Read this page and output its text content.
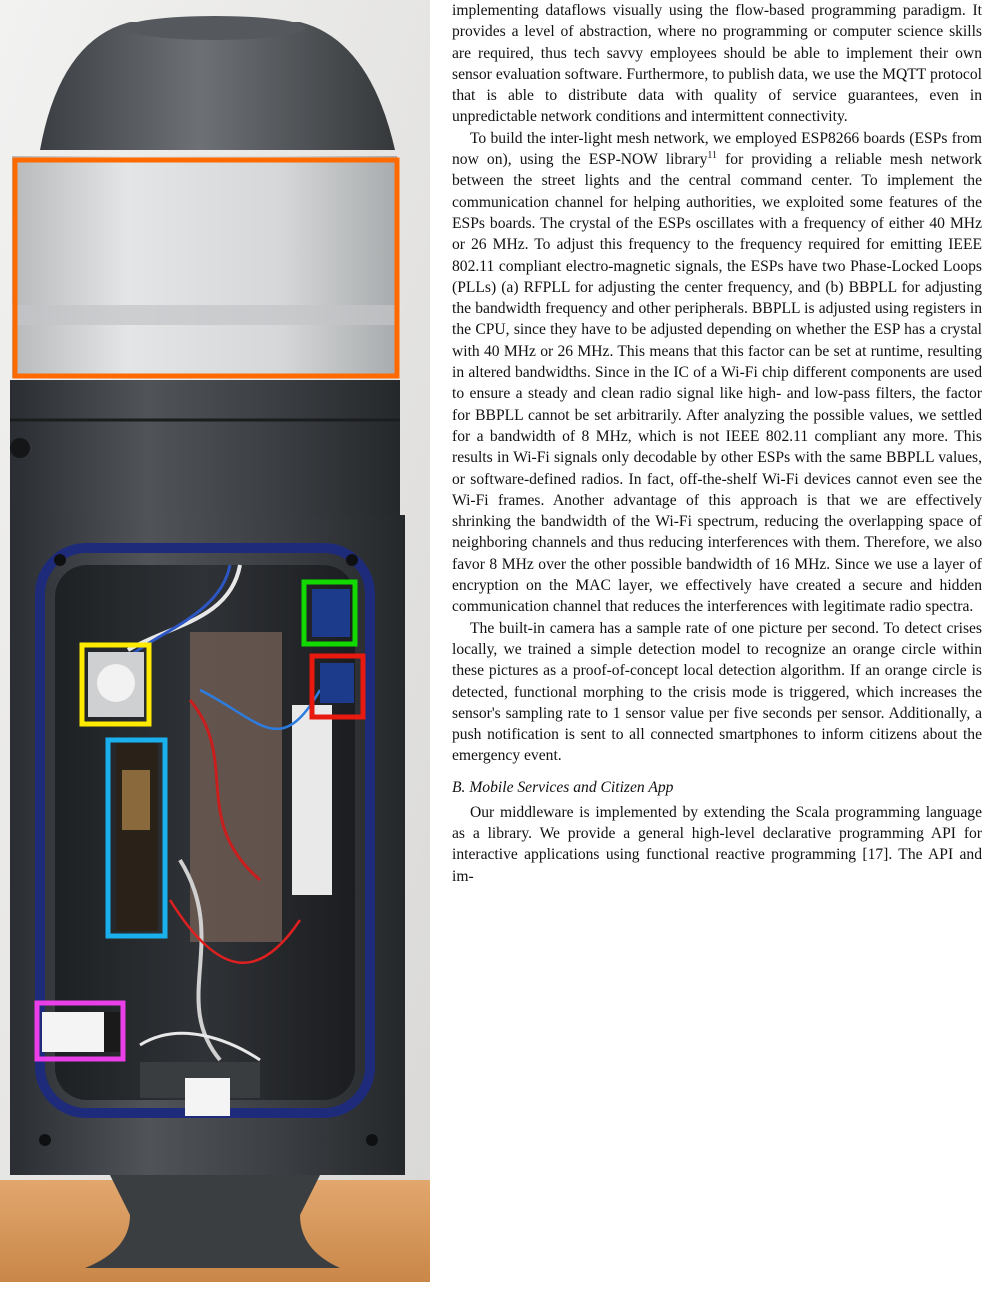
implementing dataflows visually using the flow-based programming paradigm. It provides a level of abstraction, where no programming or computer science skills are required, thus tech savvy employees should be able to implement their own sensor evaluation software. Furthermore, to publish data, we use the MQTT protocol that is able to distribute data with quality of service guarantees, even in unpredictable network conditions and intermittent connectivity.

To build the inter-light mesh network, we employed ESP8266 boards (ESPs from now on), using the ESP-NOW library$^{11}$ for providing a reliable mesh network between the street lights and the central command center. To implement the communication channel for helping authorities, we exploited some features of the ESPs boards. The crystal of the ESPs oscillates with a frequency of either 40 MHz or 26 MHz. To adjust this frequency to the frequency required for emitting IEEE 802.11 compliant electro-magnetic signals, the ESPs have two Phase-Locked Loops (PLLs) (a) RFPLL for adjusting the center frequency, and (b) BBPLL for adjusting the bandwidth frequency and other peripherals. BBPLL is adjusted using registers in the CPU, since they have to be adjusted depending on whether the ESP has a crystal with 40 MHz or 26 MHz. This means that this factor can be set at runtime, resulting in altered bandwidths. Since in the IC of a Wi-Fi chip different components are used to ensure a steady and clean radio signal like high- and low-pass filters, the factor for BBPLL cannot be set arbitrarily. After analyzing the possible values, we settled for a bandwidth of 8 MHz, which is not IEEE 802.11 compliant any more. This results in Wi-Fi signals only decodable by other ESPs with the same BBPLL values, or software-defined radios. In fact, off-the-shelf Wi-Fi devices cannot even see the Wi-Fi frames. Another advantage of this approach is that we are effectively shrinking the bandwidth of the Wi-Fi spectrum, reducing the overlapping space of neighboring channels and thus reducing interferences with them. Therefore, we also favor 8 MHz over the other possible bandwidth of 16 MHz. Since we use a layer of encryption on the MAC layer, we effectively have created a secure and hidden communication channel that reduces the interferences with legitimate radio spectra.

The built-in camera has a sample rate of one picture per second. To detect crises locally, we trained a simple detection model to recognize an orange circle within these pictures as a proof-of-concept local detection algorithm. If an orange circle is detected, functional morphing to the crisis mode is triggered, which increases the sensor's sampling rate to 1 sensor value per five seconds per sensor. Additionally, a push notification is sent to all connected smartphones to inform citizens about the emergency event.

B. Mobile Services and Citizen App

Our middleware is implemented by extending the Scala programming language as a library. We provide a general high-level declarative programming API for interactive applications using functional reactive programming [17]. The API and im-
